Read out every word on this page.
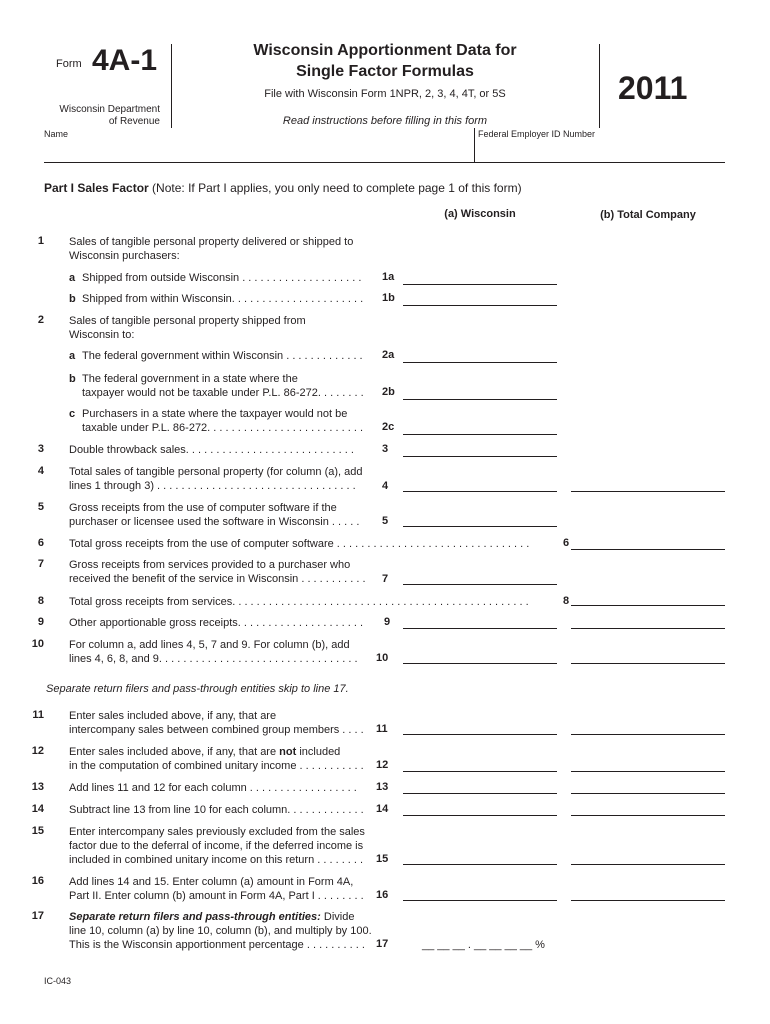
Form 4A-1
Wisconsin Department
of Revenue
Wisconsin Apportionment Data for
Single Factor Formulas
File with Wisconsin Form 1NPR, 2, 3, 4, 4T, or 5S
Read instructions before filling in this form
2011
Name	Federal Employer ID Number
Part I Sales Factor (Note: If Part I applies, you only need to complete page 1 of this form)
(a) Wisconsin	(b) Total Company
1 Sales of tangible personal property delivered or shipped to
Wisconsin purchasers:
a Shipped from outside Wisconsin . . . . . . . . . . . . . . . . . . . . 1a
b Shipped from within Wisconsin. . . . . . . . . . . . . . . . . . . . . . 1b
2 Sales of tangible personal property shipped from
Wisconsin to:
a The federal government within Wisconsin . . . . . . . . . . . . . 2a
b The federal government in a state where the
taxpayer would not be taxable under P.L. 86-272. . . . . . . . 2b
c Purchasers in a state where the taxpayer would not be
taxable under P.L. 86-272. . . . . . . . . . . . . . . . . . . . . . . . . . 2c
3 Double throwback sales. . . . . . . . . . . . . . . . . . . . . . . . . . . .	3
4 Total sales of tangible personal property (for column (a), add
lines 1 through 3) . . . . . . . . . . . . . . . . . . . . . . . . . . . . . . . . .	4
5 Gross receipts from the use of computer software if the
purchaser or licensee used the software in Wisconsin . . . . . 5
6 Total gross receipts from the use of computer software . . . . . . . . . . . . . . . . . . . . . . . . . . . . . . . .	6
7 Gross receipts from services provided to a purchaser who
received the benefit of the service in Wisconsin . . . . . . . . . . . 7
8 Total gross receipts from services. . . . . . . . . . . . . . . . . . . . . . . . . . . . . . . . . . . . . . . . . . . . . . . . .	8
9 Other apportionable gross receipts. . . . . . . . . . . . . . . . . . . . . 9
10 For column a, add lines 4, 5, 7 and 9. For column (b), add
lines 4, 6, 8, and 9. . . . . . . . . . . . . . . . . . . . . . . . . . . . . . . . . 10
Separate return filers and pass-through entities skip to line 17.
11 Enter sales included above, if any, that are
intercompany sales between combined group members . . . . 11
12 Enter sales included above, if any, that are not included
in the computation of combined unitary income . . . . . . . . . . . 12
13 Add lines 11 and 12 for each column . . . . . . . . . . . . . . . . . . 13
14 Subtract line 13 from line 10 for each column. . . . . . . . . . . . . 14
15 Enter intercompany sales previously excluded from the sales
factor due to the deferral of income, if the deferred income is
included in combined unitary income on this return . . . . . . . . 15
16 Add lines 14 and 15. Enter column (a) amount in Form 4A,
Part II. Enter column (b) amount in Form 4A, Part I . . . . . . . . 16
17 Separate return filers and pass-through entities: Divide
line 10, column (a) by line 10, column (b), and multiply by 100.
This is the Wisconsin apportionment percentage . . . . . . . . . .	17	__ __ __ . __ __ __ __ %
IC-043
